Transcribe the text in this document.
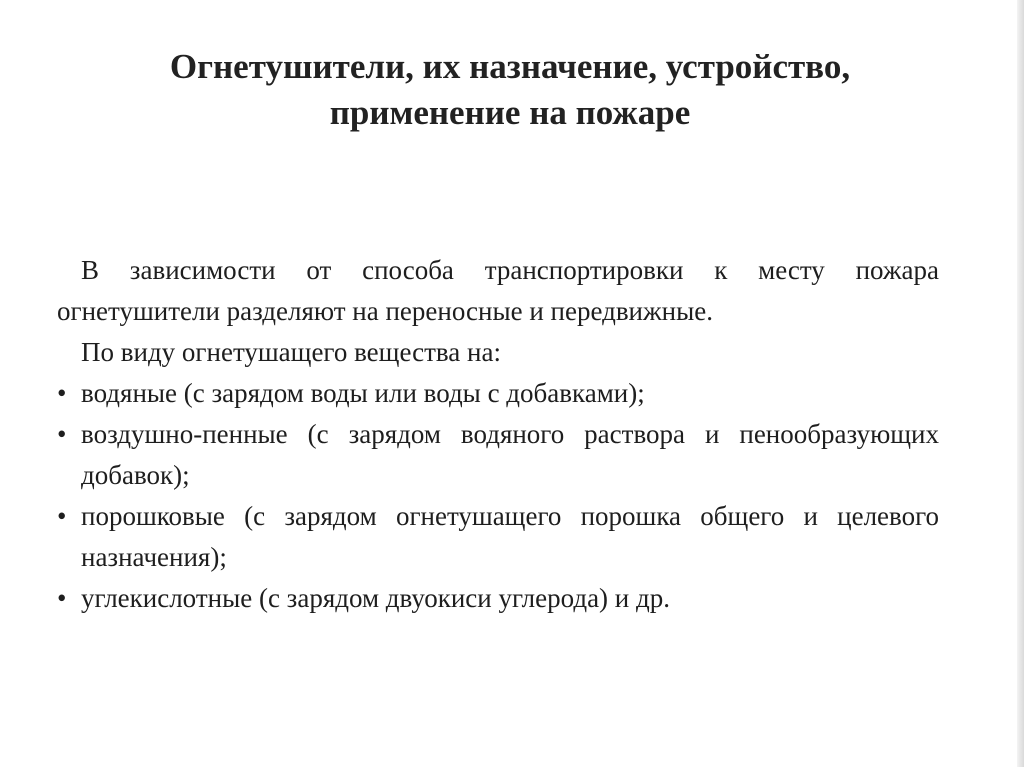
Огнетушители, их назначение, устройство,
применение на пожаре

В зависимости от способа транспортировки к месту пожара огнетушители разделяют на переносные и передвижные.

По виду огнетушащего вещества на:

• водяные (с зарядом воды или воды с добавками);
• воздушно-пенные (с зарядом водяного раствора и пенообразующих добавок);
• порошковые (с зарядом огнетушащего порошка общего и целевого назначения);
• углекислотные (с зарядом двуокиси углерода) и др.
